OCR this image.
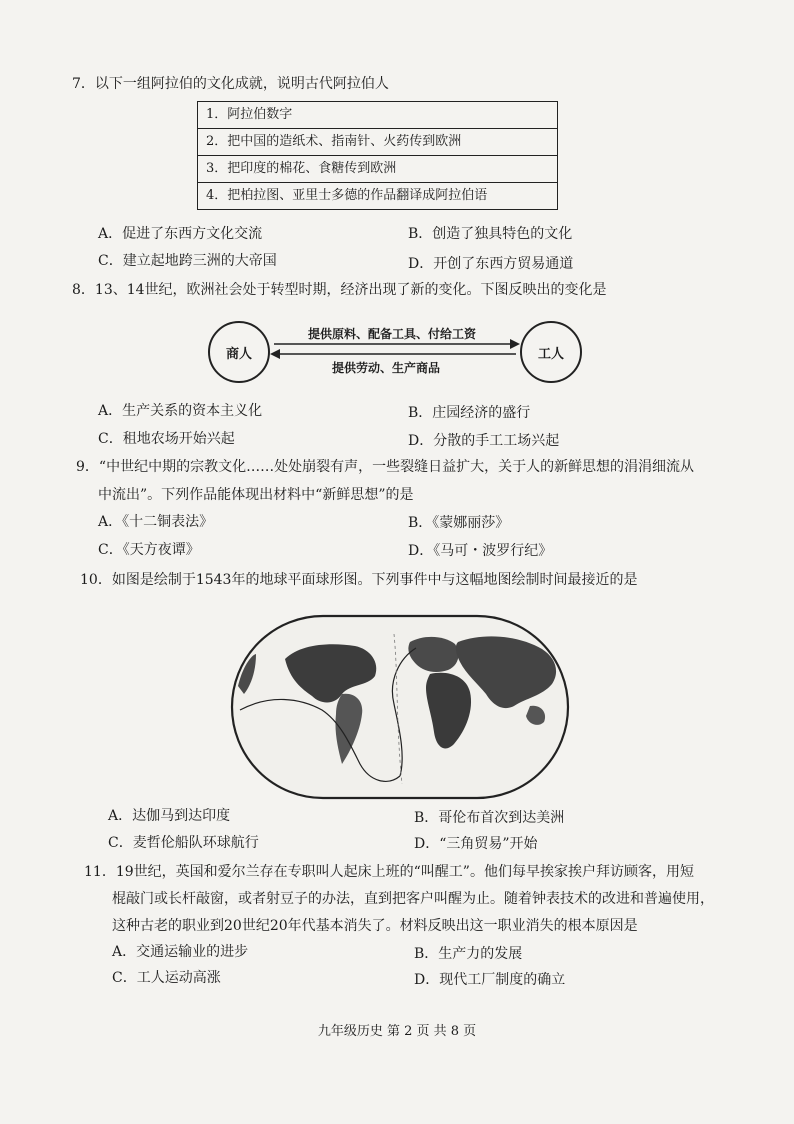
7．以下一组阿拉伯的文化成就，说明古代阿拉伯人
1．阿拉伯数字
2．把中国的造纸术、指南针、火药传到欧洲
3．把印度的棉花、食糖传到欧洲
4．把柏拉图、亚里士多德的作品翻译成阿拉伯语
A．促进了东西方文化交流	B．创造了独具特色的文化
C．建立起地跨三洲的大帝国	D．开创了东西方贸易通道
8．13、14世纪，欧洲社会处于转型时期，经济出现了新的变化。下图反映出的变化是
商人	工人
提供原料、配备工具、付给工资
提供劳动、生产商品
A．生产关系的资本主义化	B．庄园经济的盛行
C．租地农场开始兴起	D．分散的手工工场兴起
9．“中世纪中期的宗教文化……处处崩裂有声，一些裂缝日益扩大，关于人的新鲜思想的涓涓细流从
中流出”。下列作品能体现出材料中“新鲜思想”的是
A．《十二铜表法》	B．《蒙娜丽莎》
C．《天方夜谭》	D．《马可・波罗行纪》
10．如图是绘制于1543年的地球平面球形图。下列事件中与这幅地图绘制时间最接近的是
A．达伽马到达印度	B．哥伦布首次到达美洲
C．麦哲伦船队环球航行	D．“三角贸易”开始
11．19世纪，英国和爱尔兰存在专职叫人起床上班的“叫醒工”。他们每早挨家挨户拜访顾客，用短
棍敲门或长杆敲窗，或者射豆子的办法，直到把客户叫醒为止。随着钟表技术的改进和普遍使用，
这种古老的职业到20世纪20年代基本消失了。材料反映出这一职业消失的根本原因是
A．交通运输业的进步	B．生产力的发展
C．工人运动高涨	D．现代工厂制度的确立
九年级历史 第 2 页 共 8 页
